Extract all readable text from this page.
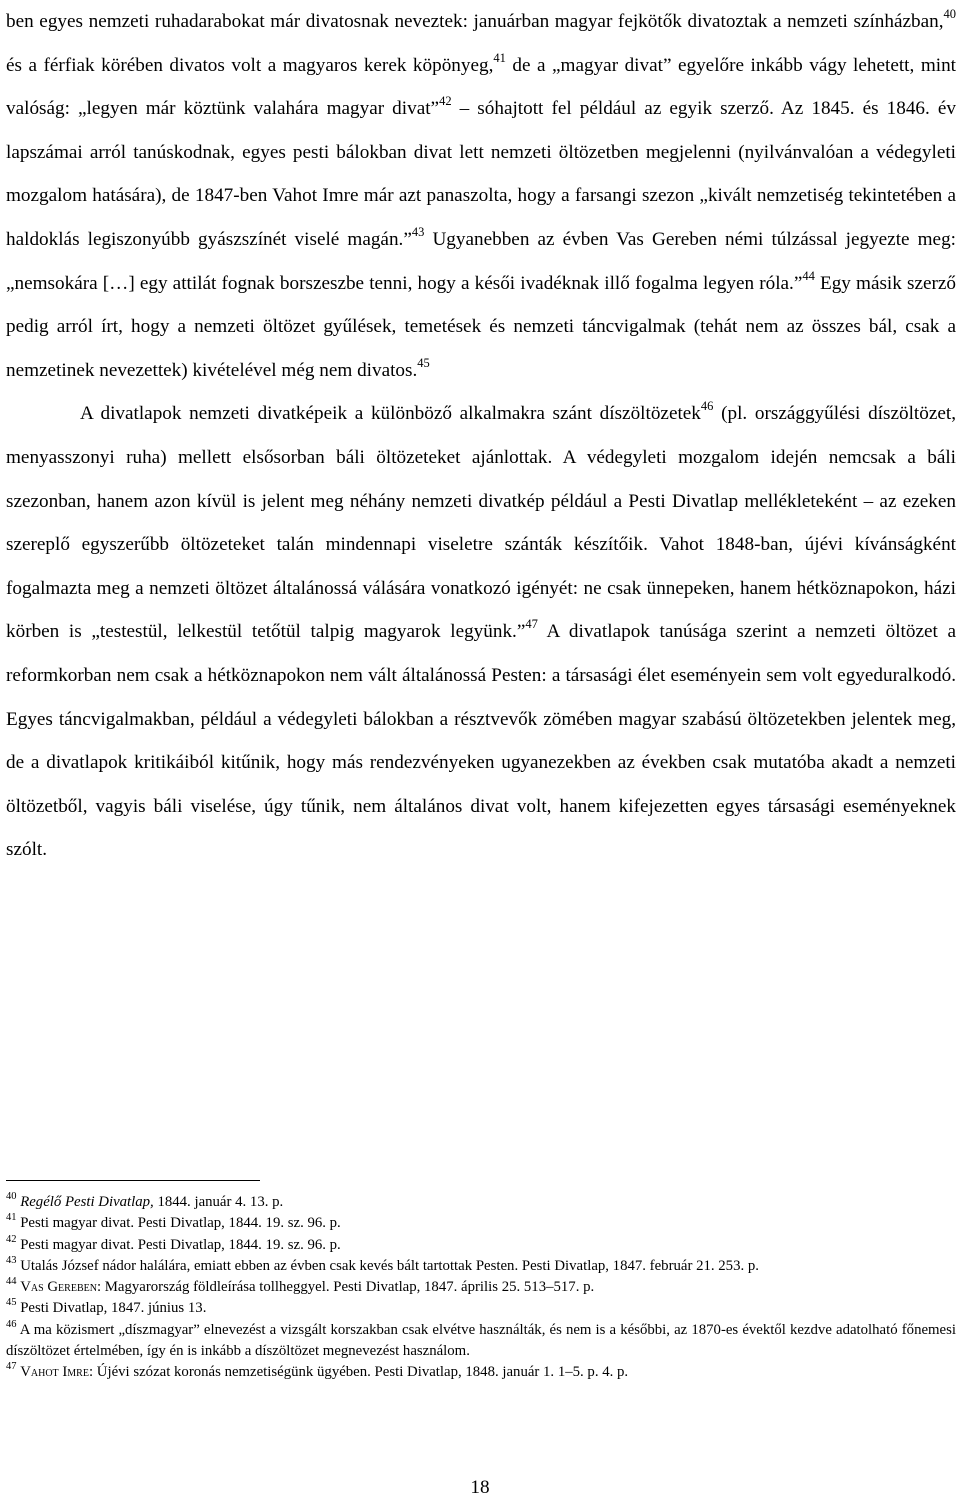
ben egyes nemzeti ruhadarabokat már divatosnak neveztek: januárban magyar fejkötők divatoztak a nemzeti színházban,$^{40}$ és a férfiak körében divatos volt a magyaros kerek köpönyeg,$^{41}$ de a „magyar divat” egyelőre inkább vágy lehetett, mint valóság: „legyen már köztünk valahára magyar divat”$^{42}$ – sóhajtott fel például az egyik szerző. Az 1845. és 1846. év lapszámai arról tanúskodnak, egyes pesti bálokban divat lett nemzeti öltözetben megjelenni (nyilvánvalóan a védegyleti mozgalom hatására), de 1847-ben Vahot Imre már azt panaszolta, hogy a farsangi szezon „kivált nemzetiség tekintetében a haldoklás legiszonyúbb gyászszínét viselé magán.”$^{43}$ Ugyanebben az évben Vas Gereben némi túlzással jegyezte meg: „nemsokára […] egy attilát fognak borszeszbe tenni, hogy a késői ivadéknak illő fogalma legyen róla.”$^{44}$ Egy másik szerző pedig arról írt, hogy a nemzeti öltözet gyűlések, temetések és nemzeti táncvigalmak (tehát nem az összes bál, csak a nemzetinek nevezettek) kivételével még nem divatos.$^{45}$

A divatlapok nemzeti divatképeik a különböző alkalmakra szánt díszöltözetek$^{46}$ (pl. országgyűlési díszöltözet, menyasszonyi ruha) mellett elsősorban báli öltözeteket ajánlottak. A védegyleti mozgalom idején nemcsak a báli szezonban, hanem azon kívül is jelent meg néhány nemzeti divatkép például a Pesti Divatlap mellékleteként – az ezeken szereplő egyszerűbb öltözeteket talán mindennapi viseletre szánták készítőik. Vahot 1848-ban, újévi kívánságként fogalmazta meg a nemzeti öltözet általánossá válására vonatkozó igényét: ne csak ünnepeken, hanem hétköznapokon, házi körben is „testestül, lelkestül tetőtül talpig magyarok legyünk.”$^{47}$ A divatlapok tanúsága szerint a nemzeti öltözet a reformkorban nem csak a hétköznapokon nem vált általánossá Pesten: a társasági élet eseményein sem volt egyeduralkodó. Egyes táncvigalmakban, például a védegyleti bálokban a résztvevők zömében magyar szabású öltözetekben jelentek meg, de a divatlapok kritikáiból kitűnik, hogy más rendezvényeken ugyanezekben az években csak mutatóba akadt a nemzeti öltözetből, vagyis báli viselése, úgy tűnik, nem általános divat volt, hanem kifejezetten egyes társasági eseményeknek szólt.

$^{40}$ Regélő Pesti Divatlap, 1844. január 4. 13. p.

$^{41}$ Pesti magyar divat. Pesti Divatlap, 1844. 19. sz. 96. p.

$^{42}$ Pesti magyar divat. Pesti Divatlap, 1844. 19. sz. 96. p.

$^{43}$ Utalás József nádor halálára, emiatt ebben az évben csak kevés bált tartottak Pesten. Pesti Divatlap, 1847. február 21. 253. p.

$^{44}$ Vas Gereben: Magyarország földleírása tollheggyel. Pesti Divatlap, 1847. április 25. 513–517. p.

$^{45}$ Pesti Divatlap, 1847. június 13.

$^{46}$ A ma közismert „díszmagyar” elnevezést a vizsgált korszakban csak elvétve használták, és nem is a későbbi, az 1870-es évektől kezdve adatolható főnemesi díszöltözet értelmében, így én is inkább a díszöltözet megnevezést használom.

$^{47}$ Vahot Imre: Újévi szózat koronás nemzetiségünk ügyében. Pesti Divatlap, 1848. január 1. 1–5. p. 4. p.

18
